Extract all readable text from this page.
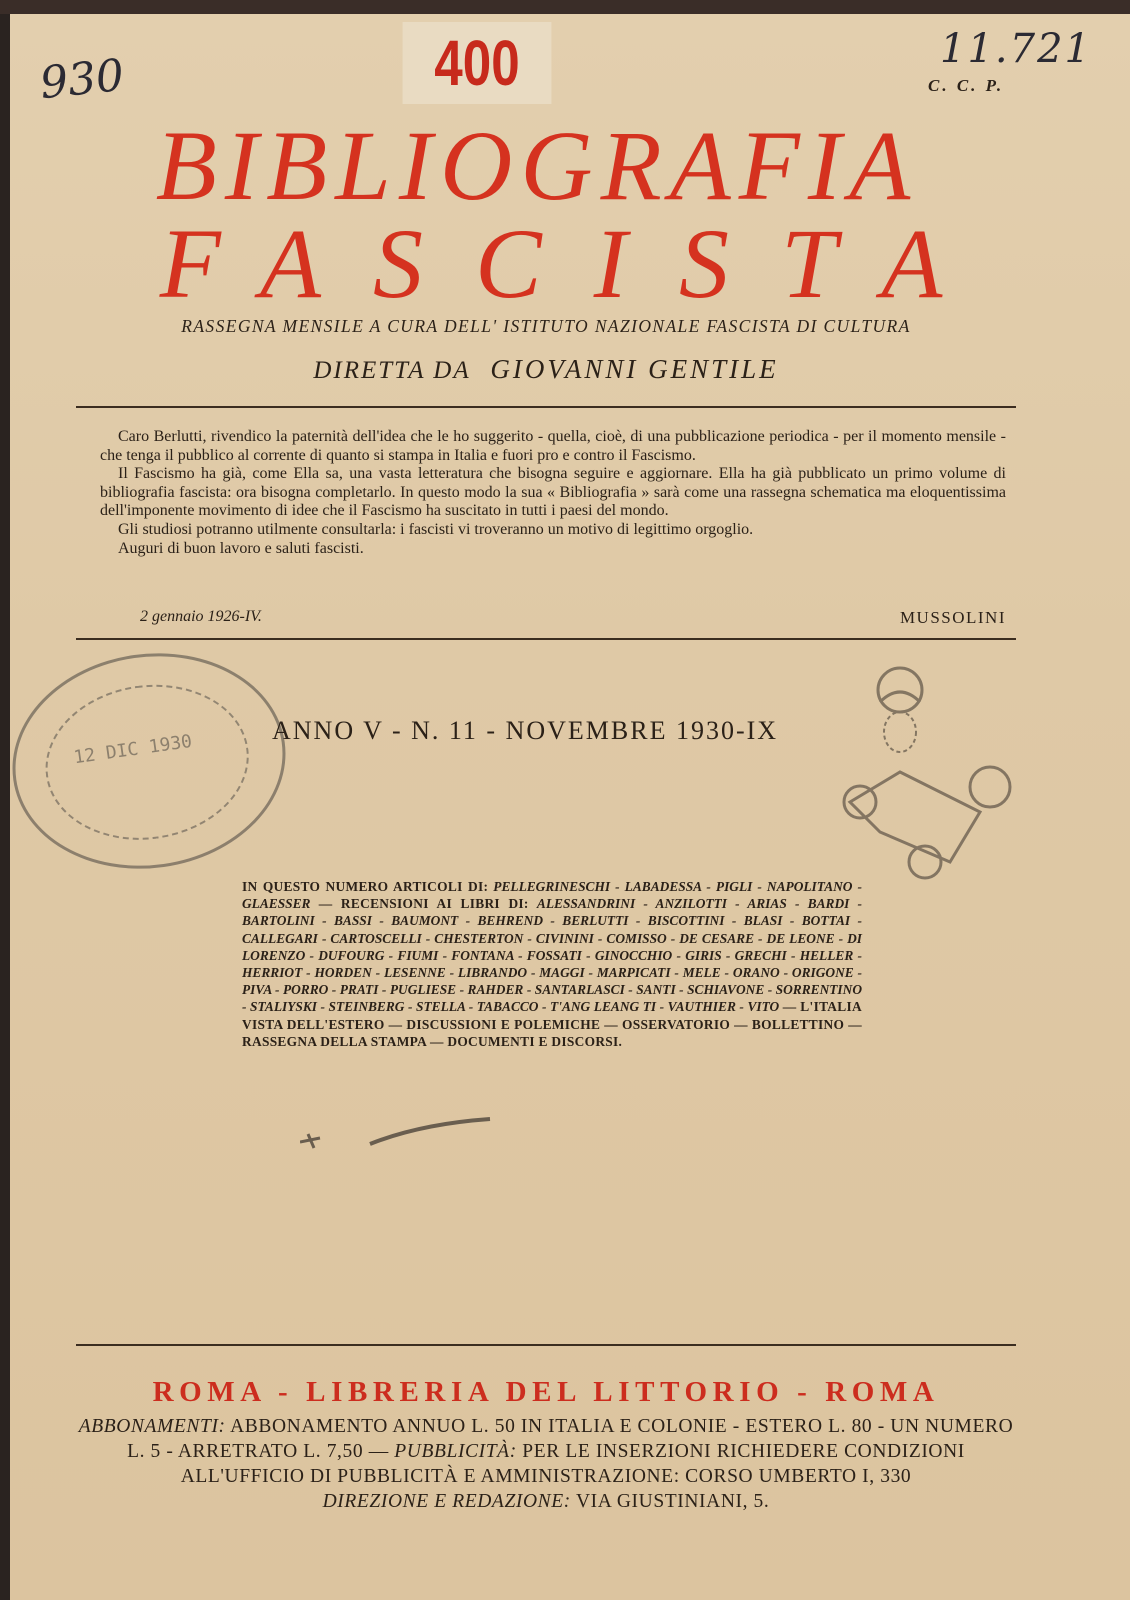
930	400	11.721
C. C. P.
BIBLIOGRAFIA
FASCISTA
RASSEGNA MENSILE A CURA DELL' ISTITUTO NAZIONALE FASCISTA DI CULTURA
DIRETTA DA GIOVANNI GENTILE

Caro Berlutti, rivendico la paternità dell'idea che le ho suggerito - quella, cioè, di una pubblicazione periodica - per il momento mensile - che tenga il pubblico al corrente di quanto si stampa in Italia e fuori pro e contro il Fascismo.

Il Fascismo ha già, come Ella sa, una vasta letteratura che bisogna seguire e aggiornare. Ella ha già pubblicato un primo volume di bibliografia fascista: ora bisogna completarlo. In questo modo la sua « Bibliografia » sarà come una rassegna schematica ma eloquentissima dell'imponente movimento di idee che il Fascismo ha suscitato in tutti i paesi del mondo.

Gli studiosi potranno utilmente consultarla: i fascisti vi troveranno un motivo di legittimo orgoglio.

Auguri di buon lavoro e saluti fascisti.

2 gennaio 1926-IV.	MUSSOLINI
12 DIC 1930
ANNO V - N. 11 - NOVEMBRE 1930-IX
IN QUESTO NUMERO ARTICOLI DI: PELLEGRINESCHI - LABADESSA - PIGLI - NAPOLITANO - GLAESSER — RECENSIONI AI LIBRI DI: ALESSANDRINI - ANZILOTTI - ARIAS - BARDI - BARTOLINI - BASSI - BAUMONT - BEHREND - BERLUTTI - BISCOTTINI - BLASI - BOTTAI - CALLEGARI - CARTOSCELLI - CHESTERTON - CIVININI - COMISSO - DE CESARE - DE LEONE - DI LORENZO - DUFOURG - FIUMI - FONTANA - FOSSATI - GINOCCHIO - GIRIS - GRECHI - HELLER - HERRIOT - HORDEN - LESENNE - LIBRANDO - MAGGI - MARPICATI - MELE - ORANO - ORIGONE - PIVA - PORRO - PRATI - PUGLIESE - RAHDER - SANTARLASCI - SANTI - SCHIAVONE - SORRENTINO - STALIYSKI - STEINBERG - STELLA - TABACCO - T'ANG LEANG TI - VAUTHIER - VITO — L'ITALIA VISTA DELL'ESTERO — DISCUSSIONI E POLEMICHE — OSSERVATORIO — BOLLETTINO — RASSEGNA DELLA STAMPA — DOCUMENTI E DISCORSI.
ROMA - LIBRERIA DEL LITTORIO - ROMA
ABBONAMENTI: ABBONAMENTO ANNUO L. 50 IN ITALIA E COLONIE - ESTERO L. 80 - UN NUMERO L. 5 - ARRETRATO L. 7,50 — PUBBLICITÀ: PER LE INSERZIONI RICHIEDERE CONDIZIONI ALL'UFFICIO DI PUBBLICITÀ E AMMINISTRAZIONE: CORSO UMBERTO I, 330
DIREZIONE E REDAZIONE: VIA GIUSTINIANI, 5.
